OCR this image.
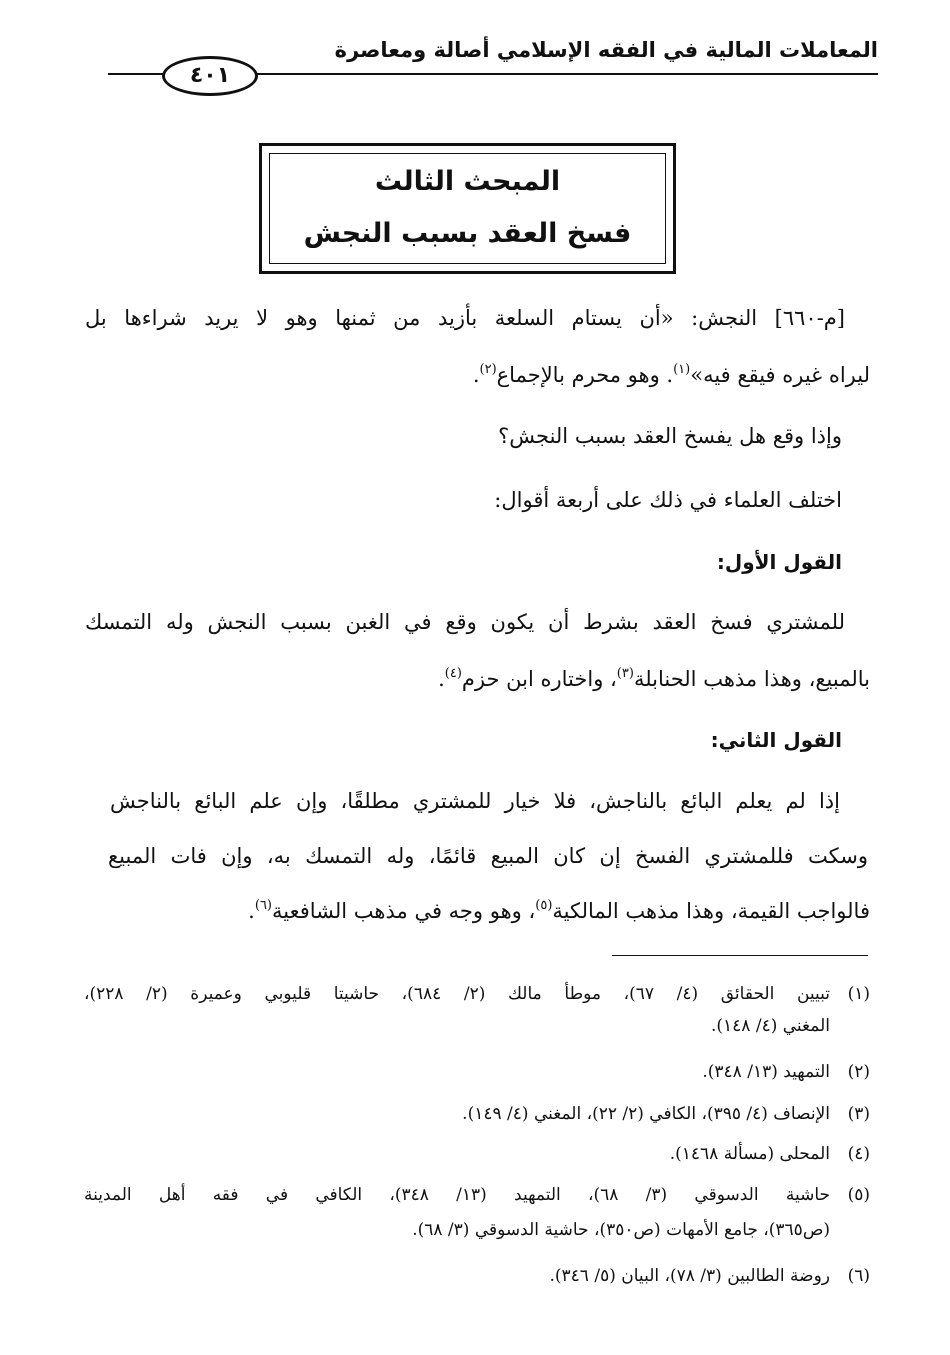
المعاملات المالية في الفقه الإسلامي أصالة ومعاصرة
٤٠١
المبحث الثالث
فسخ العقد بسبب النجش
[م-٦٦٠] النجش: «أن يستام السلعة بأزيد من ثمنها وهو لا يريد شراءها بل
ليراه غيره فيقع فيه»$^{(١)}$. وهو محرم بالإجماع$^{(٢)}$.
وإذا وقع هل يفسخ العقد بسبب النجش؟
اختلف العلماء في ذلك على أربعة أقوال:
القول الأول:
للمشتري فسخ العقد بشرط أن يكون وقع في الغبن بسبب النجش وله التمسك
بالمبيع، وهذا مذهب الحنابلة$^{(٣)}$، واختاره ابن حزم$^{(٤)}$.
القول الثاني:
إذا لم يعلم البائع بالناجش، فلا خيار للمشتري مطلقًا، وإن علم البائع بالناجش
وسكت فللمشتري الفسخ إن كان المبيع قائمًا، وله التمسك به، وإن فات المبيع
فالواجب القيمة، وهذا مذهب المالكية$^{(٥)}$، وهو وجه في مذهب الشافعية$^{(٦)}$.
(١)
تبيين الحقائق (٤/ ٦٧)، موطأ مالك (٢/ ٦٨٤)، حاشيتا قليوبي وعميرة (٢/ ٢٢٨)،
المغني (٤/ ١٤٨).
(٢)
التمهيد (١٣/ ٣٤٨).
(٣)
الإنصاف (٤/ ٣٩٥)، الكافي (٢/ ٢٢)، المغني (٤/ ١٤٩).
(٤)
المحلى (مسألة ١٤٦٨).
(٥)
حاشية الدسوقي (٣/ ٦٨)، التمهيد (١٣/ ٣٤٨)، الكافي في فقه أهل المدينة
(ص٣٦٥)، جامع الأمهات (ص٣٥٠)، حاشية الدسوقي (٣/ ٦٨).
(٦)
روضة الطالبين (٣/ ٧٨)، البيان (٥/ ٣٤٦).
